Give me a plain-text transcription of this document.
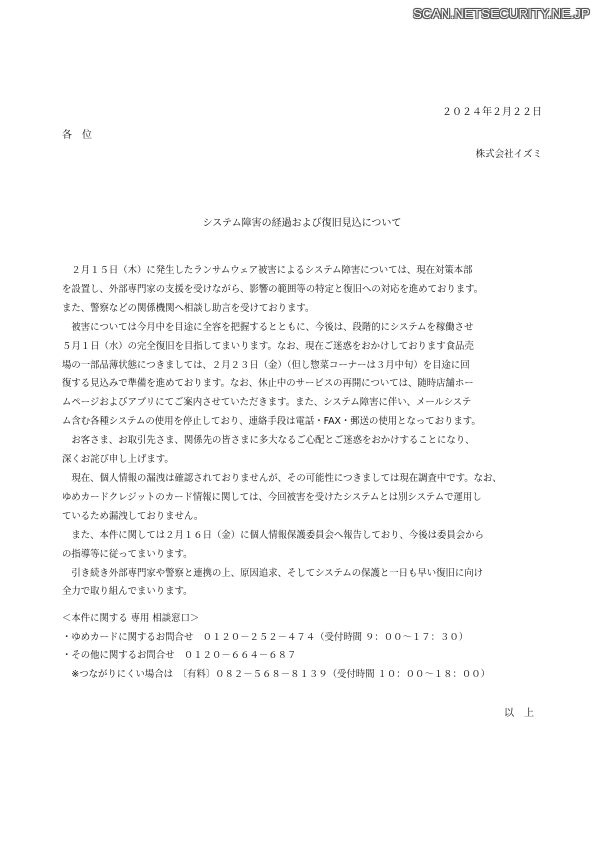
SCAN.NETSECURITY.NE.JP
２０２４年２月２２日
各　位
株式会社イズミ
システム障害の経過および復旧見込について

　２月１５日（木）に発生したランサムウェア被害によるシステム障害については、現在対策本部

を設置し、外部専門家の支援を受けながら、影響の範囲等の特定と復旧への対応を進めております。

また、警察などの関係機関へ相談し助言を受けております。

　被害については今月中を目途に全容を把握するとともに、今後は、段階的にシステムを稼働させ

５月１日（水）の完全復旧を目指してまいります。なお、現在ご迷惑をおかけしております食品売

場の一部品薄状態につきましては、２月２３日（金）（但し惣菜コーナーは３月中旬）を目途に回

復する見込みで準備を進めております。なお、休止中のサービスの再開については、随時店舗ホー

ムページおよびアプリにてご案内させていただきます。また、システム障害に伴い、メールシステ

ム含む各種システムの使用を停止しており、連絡手段は電話・FAX・郵送の使用となっております。

　お客さま、お取引先さま、関係先の皆さまに多大なるご心配とご迷惑をおかけすることになり、

深くお詫び申し上げます。

　現在、個人情報の漏洩は確認されておりませんが、その可能性につきましては現在調査中です。なお、

ゆめカードクレジットのカード情報に関しては、今回被害を受けたシステムとは別システムで運用し

ているため漏洩しておりません。

　また、本件に関しては２月１６日（金）に個人情報保護委員会へ報告しており、今後は委員会から

の指導等に従ってまいります。

　引き続き外部専門家や警察と連携の上、原因追求、そしてシステムの保護と一日も早い復旧に向け

全力で取り組んでまいります。

＜本件に関する 専用 相談窓口＞

・ゆめカードに関するお問合せ　０１２０－２５２－４７４（受付時間 ９：００～１７：３０）

・その他に関するお問合せ　０１２０－６６４－６８７

　※つながりにくい場合は　〔有料〕０８２－５６８－８１３９（受付時間 １０：００～１８：００）

以　上
